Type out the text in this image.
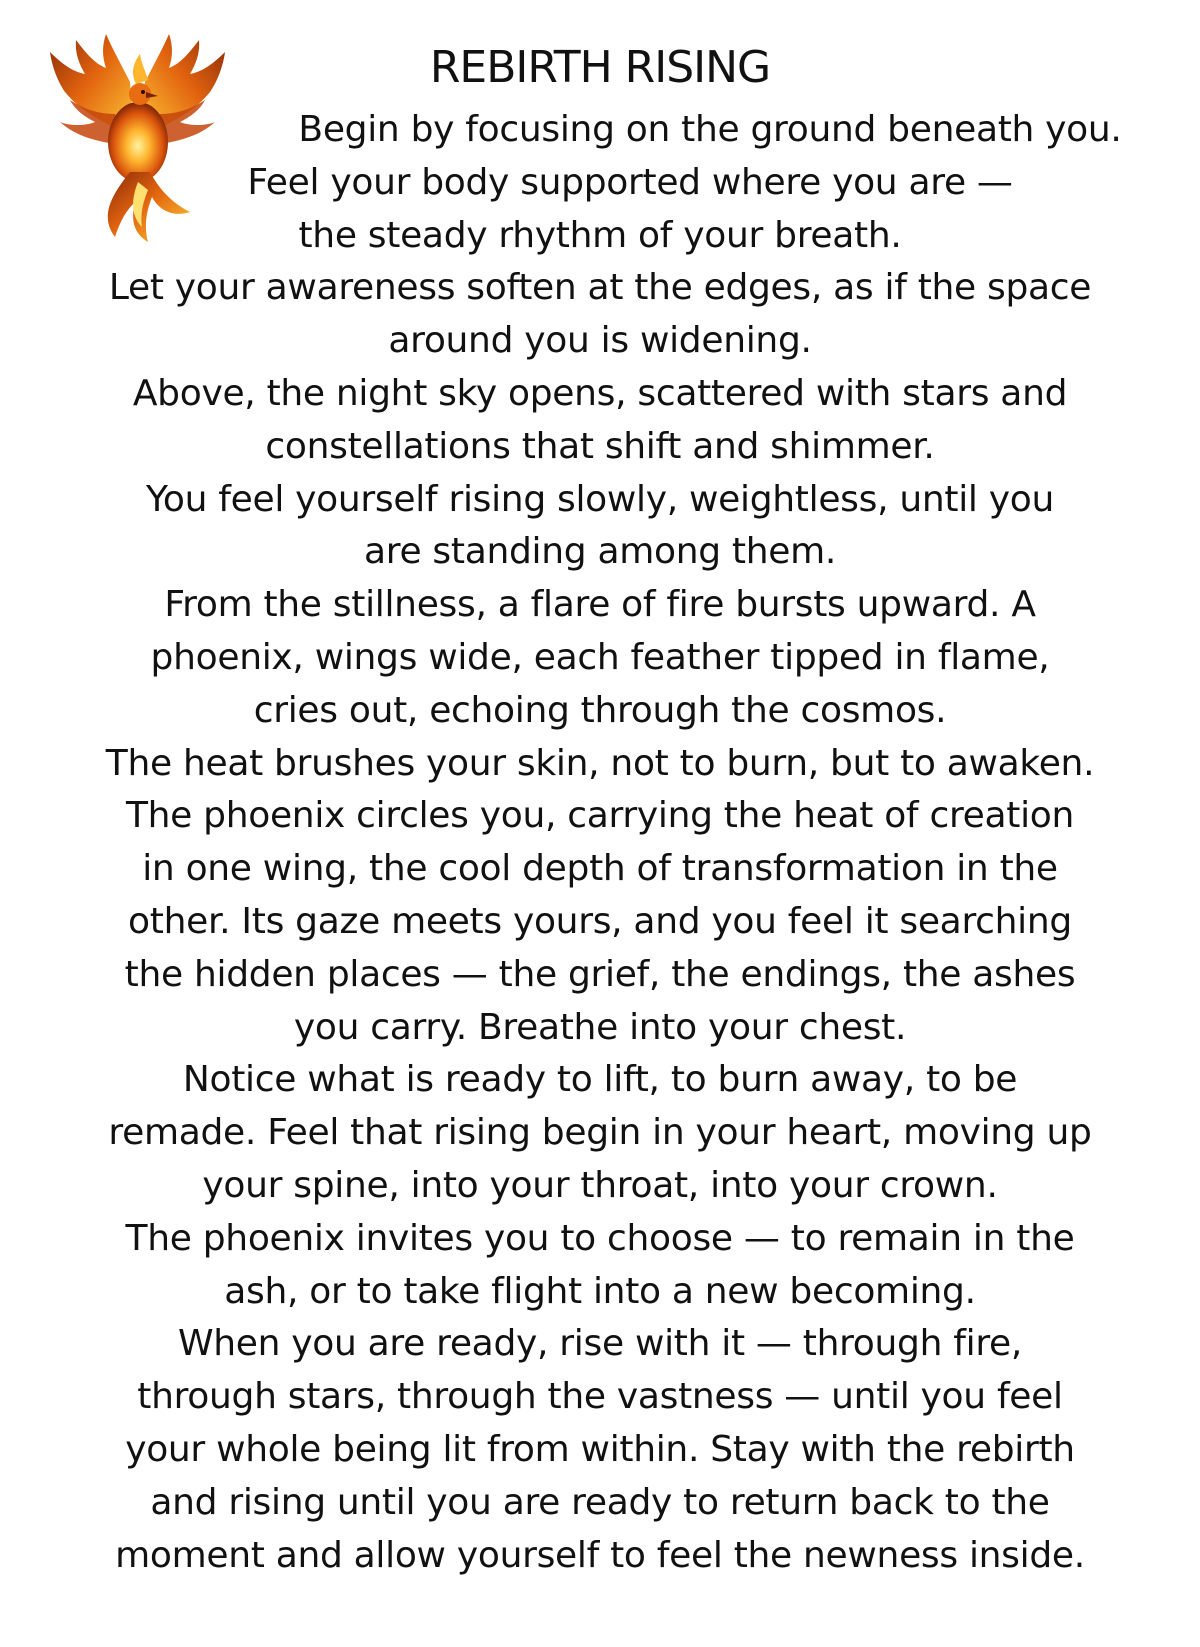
REBIRTH RISING
Begin by focusing on the ground beneath you.
Feel your body supported where you are —
the steady rhythm of your breath.
Let your awareness soften at the edges, as if the space
around you is widening.
Above, the night sky opens, scattered with stars and
constellations that shift and shimmer.
You feel yourself rising slowly, weightless, until you
are standing among them.
From the stillness, a flare of fire bursts upward. A
phoenix, wings wide, each feather tipped in flame,
cries out, echoing through the cosmos.
The heat brushes your skin, not to burn, but to awaken.
The phoenix circles you, carrying the heat of creation
in one wing, the cool depth of transformation in the
other. Its gaze meets yours, and you feel it searching
the hidden places — the grief, the endings, the ashes
you carry. Breathe into your chest.
Notice what is ready to lift, to burn away, to be
remade. Feel that rising begin in your heart, moving up
your spine, into your throat, into your crown.
The phoenix invites you to choose — to remain in the
ash, or to take flight into a new becoming.
When you are ready, rise with it — through fire,
through stars, through the vastness — until you feel
your whole being lit from within. Stay with the rebirth
and rising until you are ready to return back to the
moment and allow yourself to feel the newness inside.
